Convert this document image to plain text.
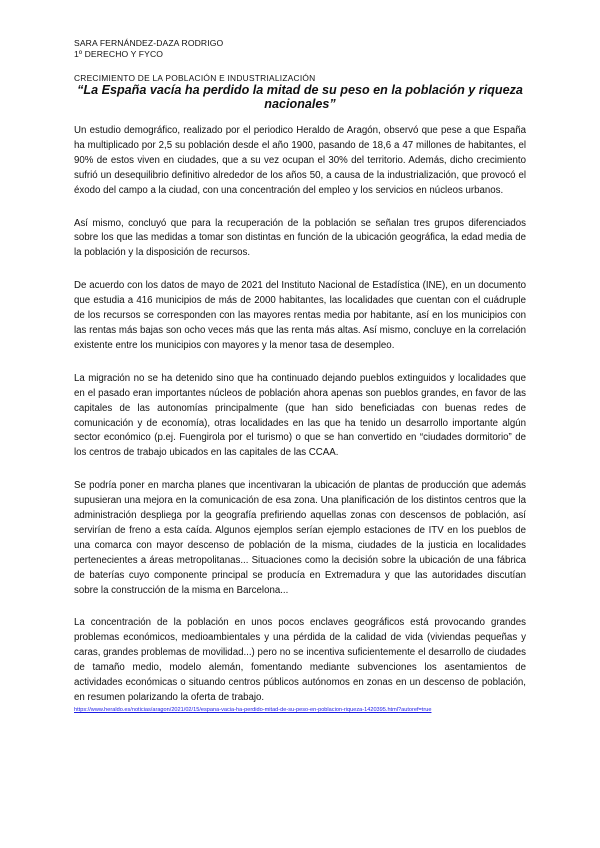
SARA FERNÁNDEZ-DAZA RODRIGO
1º DERECHO Y FYCO
CRECIMIENTO DE LA POBLACIÓN E INDUSTRIALIZACIÓN
“La España vacía ha perdido la mitad de su peso en la población y riqueza nacionales”

Un estudio demográfico, realizado por el periodico Heraldo de Aragón, observó que pese a que España ha multiplicado por 2,5 su población desde el año 1900, pasando de 18,6 a 47 millones de habitantes, el 90% de estos viven en ciudades, que a su vez ocupan el 30% del territorio. Además, dicho crecimiento sufrió un desequilibrio definitivo alrededor de los años 50, a causa de la industrialización, que provocó el éxodo del campo a la ciudad, con una concentración del empleo y los servicios en núcleos urbanos.

Así mismo, concluyó que para la recuperación de la población se señalan tres grupos diferenciados sobre los que las medidas a tomar son distintas en función de la ubicación geográfica, la edad media de la población y la disposición de recursos.

De acuerdo con los datos de mayo de 2021 del Instituto Nacional de Estadística (INE), en un documento que estudia a 416 municipios de más de 2000 habitantes, las localidades que cuentan con el cuádruple de los recursos se corresponden con las mayores rentas media por habitante, así en los municipios con las rentas más bajas son ocho veces más que las renta más altas. Así mismo, concluye en la correlación existente entre los municipios con mayores y la menor tasa de desempleo.

La migración no se ha detenido sino que ha continuado dejando pueblos extinguidos y localidades que en el pasado eran importantes núcleos de población ahora apenas son pueblos grandes, en favor de las capitales de las autonomías principalmente (que han sido beneficiadas con buenas redes de comunicación y de economía), otras localidades en las que ha tenido un desarrollo importante algún sector económico (p.ej. Fuengirola por el turismo) o que se han convertido en “ciudades dormitorio” de los centros de trabajo ubicados en las capitales de las CCAA.

Se podría poner en marcha planes que incentivaran la ubicación de plantas de producción que además supusieran una mejora en la comunicación de esa zona. Una planificación de los distintos centros que la administración despliega por la geografía prefiriendo aquellas zonas con descensos de población, así servirían de freno a esta caída. Algunos ejemplos serían ejemplo estaciones de ITV en los pueblos de una comarca con mayor descenso de población de la misma, ciudades de la justicia en localidades pertenecientes a áreas metropolitanas... Situaciones como la decisión sobre la ubicación de una fábrica de baterías cuyo componente principal se producía en Extremadura y que las autoridades discutían sobre la construcción de la misma en Barcelona...

La concentración de la población en unos pocos enclaves geográficos está provocando grandes problemas económicos, medioambientales y una pérdida de la calidad de vida (viviendas pequeñas y caras, grandes problemas de movilidad...) pero no se incentiva suficientemente el desarrollo de ciudades de tamaño medio, modelo alemán, fomentando mediante subvenciones los asentamientos de actividades económicas o situando centros públicos autónomos en zonas en un descenso de población, en resumen polarizando la oferta de trabajo.

https://www.heraldo.es/noticias/aragon/2021/02/15/espana-vacia-ha-perdido-mitad-de-su-peso-en-poblacion-riqueza-1420395.html?autoref=true
